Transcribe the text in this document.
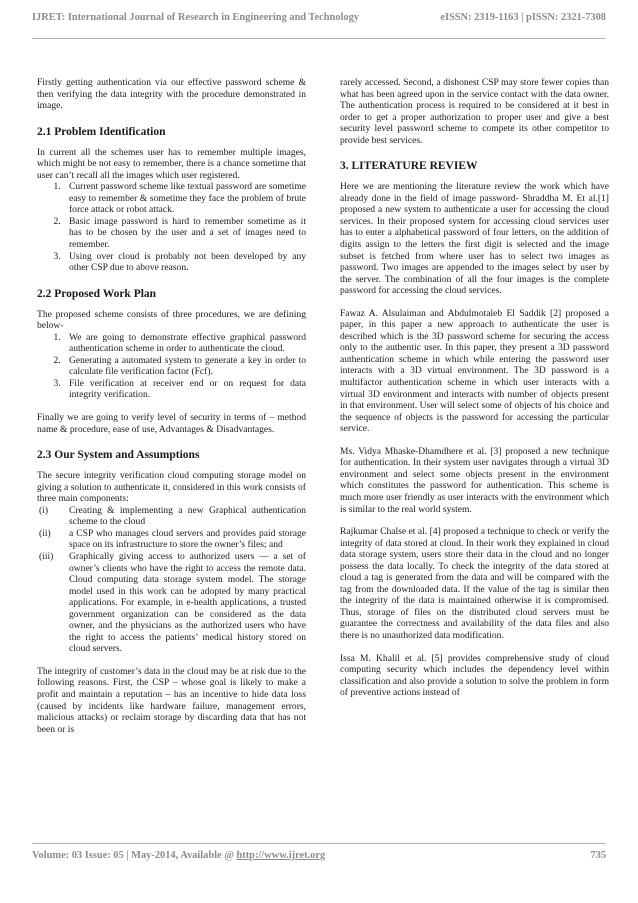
IJRET: International Journal of Research in Engineering and Technology	eISSN: 2319-1163 | pISSN: 2321-7308

Firstly getting authentication via our effective password scheme & then verifying the data integrity with the procedure demonstrated in image.

2.1 Problem Identification

In current all the schemes user has to remember multiple images, which might be not easy to remember, there is a chance sometime that user can’t recall all the images which user registered.

1. Current password scheme like textual password are sometime easy to remember & sometime they face the problem of brute force attack or robot attack.
2. Basic image password is hard to remember sometime as it has to be chosen by the user and a set of images need to remember.
3. Using over cloud is probably not been developed by any other CSP due to above reason.
2.2 Proposed Work Plan

The proposed scheme consists of three procedures, we are defining below-

1. We are going to demonstrate effective graphical password authentication scheme in order to authenticate the cloud.
2. Generating a automated system to generate a key in order to calculate file verification factor (Fcf).
3. File verification at receiver end or on request for data integrity verification.

Finally we are going to verify level of security in terms of – method name & procedure, ease of use, Advantages & Disadvantages.

2.3 Our System and Assumptions

The secure integrity verification cloud computing storage model on giving a solution to authenticate it, considered in this work consists of three main components:

(i)	Creating & implementing a new Graphical authentication scheme to the cloud
(ii)	a CSP who manages cloud servers and provides paid storage space on its infrastructure to store the owner’s files; and
(iii)	Graphically giving access to authorized users — a set of owner’s clients who have the right to access the remote data. Cloud computing data storage system model. The storage model used in this work can be adopted by many practical applications. For example, in e-health applications, a trusted government organization can be considered as the data owner, and the physicians as the authorized users who have the right to access the patients’ medical history stored on cloud servers.

The integrity of customer’s data in the cloud may be at risk due to the following reasons. First, the CSP – whose goal is likely to make a profit and maintain a reputation – has an incentive to hide data loss (caused by incidents like hardware failure, management errors, malicious attacks) or reclaim storage by discarding data that has not been or is

rarely accessed. Second, a dishonest CSP may store fewer copies than what has been agreed upon in the service contact with the data owner. The authentication process is required to be considered at it best in order to get a proper authorization to proper user and give a best security level password scheme to compete its other competitor to provide best services.

3. LITERATURE REVIEW

Here we are mentioning the literature review the work which have already done in the field of image password- Shraddha M. Et al.[1] proposed a new system to authenticate a user for accessing the cloud services. In their proposed system for accessing cloud services user has to enter a alphabetical password of four letters, on the addition of digits assign to the letters the first digit is selected and the image subset is fetched from where user has to select two images as password. Two images are appended to the images select by user by the server. The combination of all the four images is the complete password for accessing the cloud services.

Fawaz A. Alsulaiman and Abdulmotaleb El Saddik [2] proposed a paper, in this paper a new approach to authenticate the user is described which is the 3D password scheme for securing the access only to the authentic user. In this paper, they present a 3D password authentication scheme in which while entering the password user interacts with a 3D virtual environment. The 3D password is a multifactor authentication scheme in which user interacts with a virtual 3D environment and interacts with number of objects present in that environment. User will select some of objects of his choice and the sequence of objects is the password for accessing the particular service.

Ms. Vidya Mhaske-Dhamdhere et al. [3] proposed a new technique for authentication. In their system user navigates through a virtual 3D environment and select some objects present in the environment which constitutes the password for authentication. This scheme is much more user friendly as user interacts with the environment which is similar to the real world system.

Rajkumar Chalse et al. [4] proposed a technique to check or verify the integrity of data stored at cloud. In their work they explained in cloud data storage system, users store their data in the cloud and no longer possess the data locally. To check the integrity of the data stored at cloud a tag is generated from the data and will be compared with the tag from the downloaded data. If the value of the tag is similar then the integrity of the data is maintained otherwise it is compromised. Thus, storage of files on the distributed cloud servers must be guarantee the correctness and availability of the data files and also there is no unauthorized data modification.

Issa M. Khalil et al. [5] provides comprehensive study of cloud computing security which includes the dependency level within classification and also provide a solution to solve the problem in form of preventive actions instead of

Volume: 03 Issue: 05 | May-2014, Available @ http://www.ijret.org	735
